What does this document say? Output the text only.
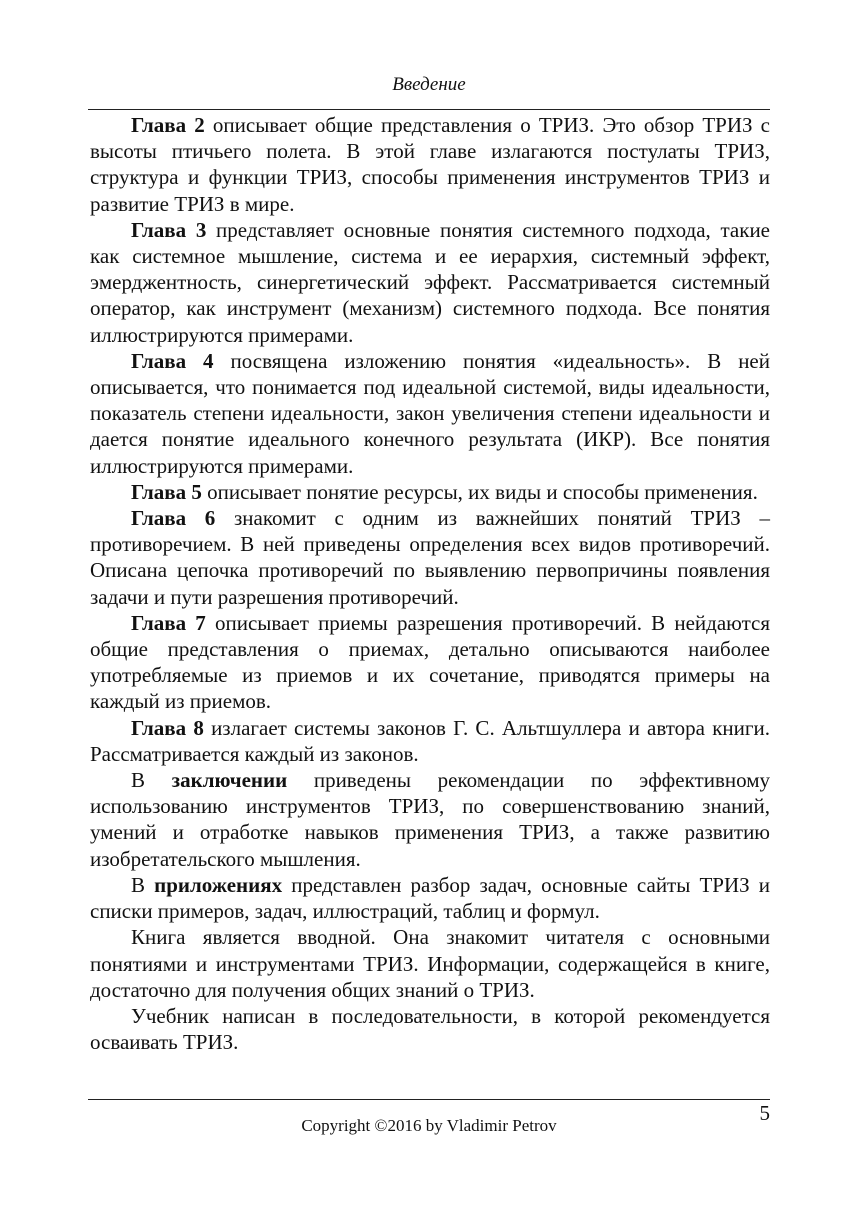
Введение

Глава 2 описывает общие представления о ТРИЗ. Это обзор ТРИЗ с высоты птичьего полета. В этой главе излагаются постулаты ТРИЗ, структура и функции ТРИЗ, способы применения инструментов ТРИЗ и развитие ТРИЗ в мире.

Глава 3 представляет основные понятия системного подхода, такие как системное мышление, система и ее иерархия, системный эффект, эмерджентность, синергетический эффект. Рассматривается системный оператор, как инструмент (механизм) системного подхода. Все понятия иллюстрируются примерами.

Глава 4 посвящена изложению понятия «идеальность». В ней описывается, что понимается под идеальной системой, виды идеальности, показатель степени идеальности, закон увеличения степени идеальности и дается понятие идеального конечного результата (ИКР). Все понятия иллюстрируются примерами.

Глава 5 описывает понятие ресурсы, их виды и способы применения.

Глава 6 знакомит с одним из важнейших понятий ТРИЗ – противоречием. В ней приведены определения всех видов противоречий. Описана цепочка противоречий по выявлению первопричины появления задачи и пути разрешения противоречий.

Глава 7 описывает приемы разрешения противоречий. В нейдаются общие представления о приемах, детально описываются наиболее употребляемые из приемов и их сочетание, приводятся примеры на каждый из приемов.

Глава 8 излагает системы законов Г. С. Альтшуллера и автора книги. Рассматривается каждый из законов.

В заключении приведены рекомендации по эффективному использованию инструментов ТРИЗ, по совершенствованию знаний, умений и отработке навыков применения ТРИЗ, а также развитию изобретательского мышления.

В приложениях представлен разбор задач, основные сайты ТРИЗ и списки примеров, задач, иллюстраций, таблиц и формул.

Книга является вводной. Она знакомит читателя с основными понятиями и инструментами ТРИЗ. Информации, содержащейся в книге, достаточно для получения общих знаний о ТРИЗ.

Учебник написан в последовательности, в которой рекомендуется осваивать ТРИЗ.

5
Copyright ©2016 by Vladimir Petrov
